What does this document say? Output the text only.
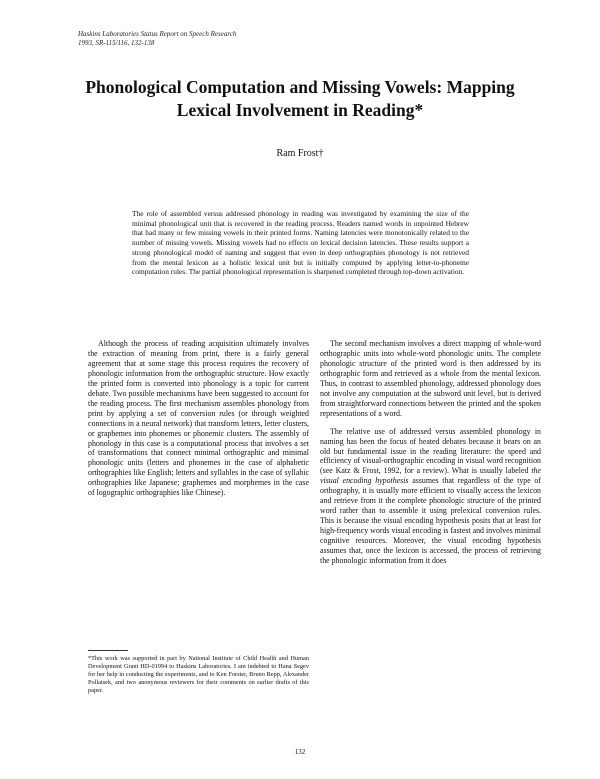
Haskins Laboratories Status Report on Speech Research
1993, SR-115/116, 132-138
Phonological Computation and Missing Vowels: Mapping
Lexical Involvement in Reading*
Ram Frost†
The role of assembled versus addressed phonology in reading was investigated by examining the size of the minimal phonological unit that is recovered in the reading process. Readers named words in unpointed Hebrew that had many or few missing vowels in their printed forms. Naming latencies were monotonically related to the number of missing vowels. Missing vowels had no effects on lexical decision latencies. These results support a strong phonological model of naming and suggest that even in deep orthographies phonology is not retrieved from the mental lexicon as a holistic lexical unit but is initially computed by applying letter-to-phoneme computation rules. The partial phonological representation is sharpened completed through top-down activation.

Although the process of reading acquisition ultimately involves the extraction of meaning from print, there is a fairly general agreement that at some stage this process requires the recovery of phonologic information from the orthographic structure. How exactly the printed form is converted into phonology is a topic for current debate. Two possible mechanisms have been suggested to account for the reading process. The first mechanism assembles phonology from print by applying a set of conversion rules (or through weighted connections in a neural network) that transform letters, letter clusters, or graphemes into phonemes or phonemic clusters. The assembly of phonology in this case is a computational process that involves a set of transformations that connect minimal orthographic and minimal phonologic units (letters and phonemes in the case of alphabetic orthographies like English; letters and syllables in the case of syllabic orthographies like Japanese; graphemes and morphemes in the case of logographic orthographies like Chinese).

The second mechanism involves a direct mapping of whole-word orthographic units into whole-word phonologic units. The complete phonologic structure of the printed word is then addressed by its orthographic form and retrieved as a whole from the mental lexicon. Thus, in contrast to assembled phonology, addressed phonology does not involve any computation at the subword unit level, but is derived from straightforward connections between the printed and the spoken representations of a word.

The relative use of addressed versus assembled phonology in naming has been the focus of heated debates because it bears on an old but fundamental issue in the reading literature: the speed and efficiency of visual-orthographic encoding in visual word recognition (see Katz & Frost, 1992, for a review). What is usually labeled the visual encoding hypothesis assumes that regardless of the type of orthography, it is usually more efficient to visually access the lexicon and retrieve from it the complete phonologic structure of the printed word rather than to assemble it using prelexical conversion rules. This is because the visual encoding hypothesis posits that at least for high-frequency words visual encoding is fastest and involves minimal cognitive resources. Moreover, the visual encoding hypothesis assumes that, once the lexicon is accessed, the process of retrieving the phonologic information from it does

*This work was supported in part by National Institute of Child Health and Human Development Grant HD-01994 to Haskins Laboratories. I am indebted to Hana Segev for her help in conducting the experiments, and to Ken Forster, Bruno Repp, Alexander Pollatsek, and two anonymous reviewers for their comments on earlier drafts of this paper.
132
